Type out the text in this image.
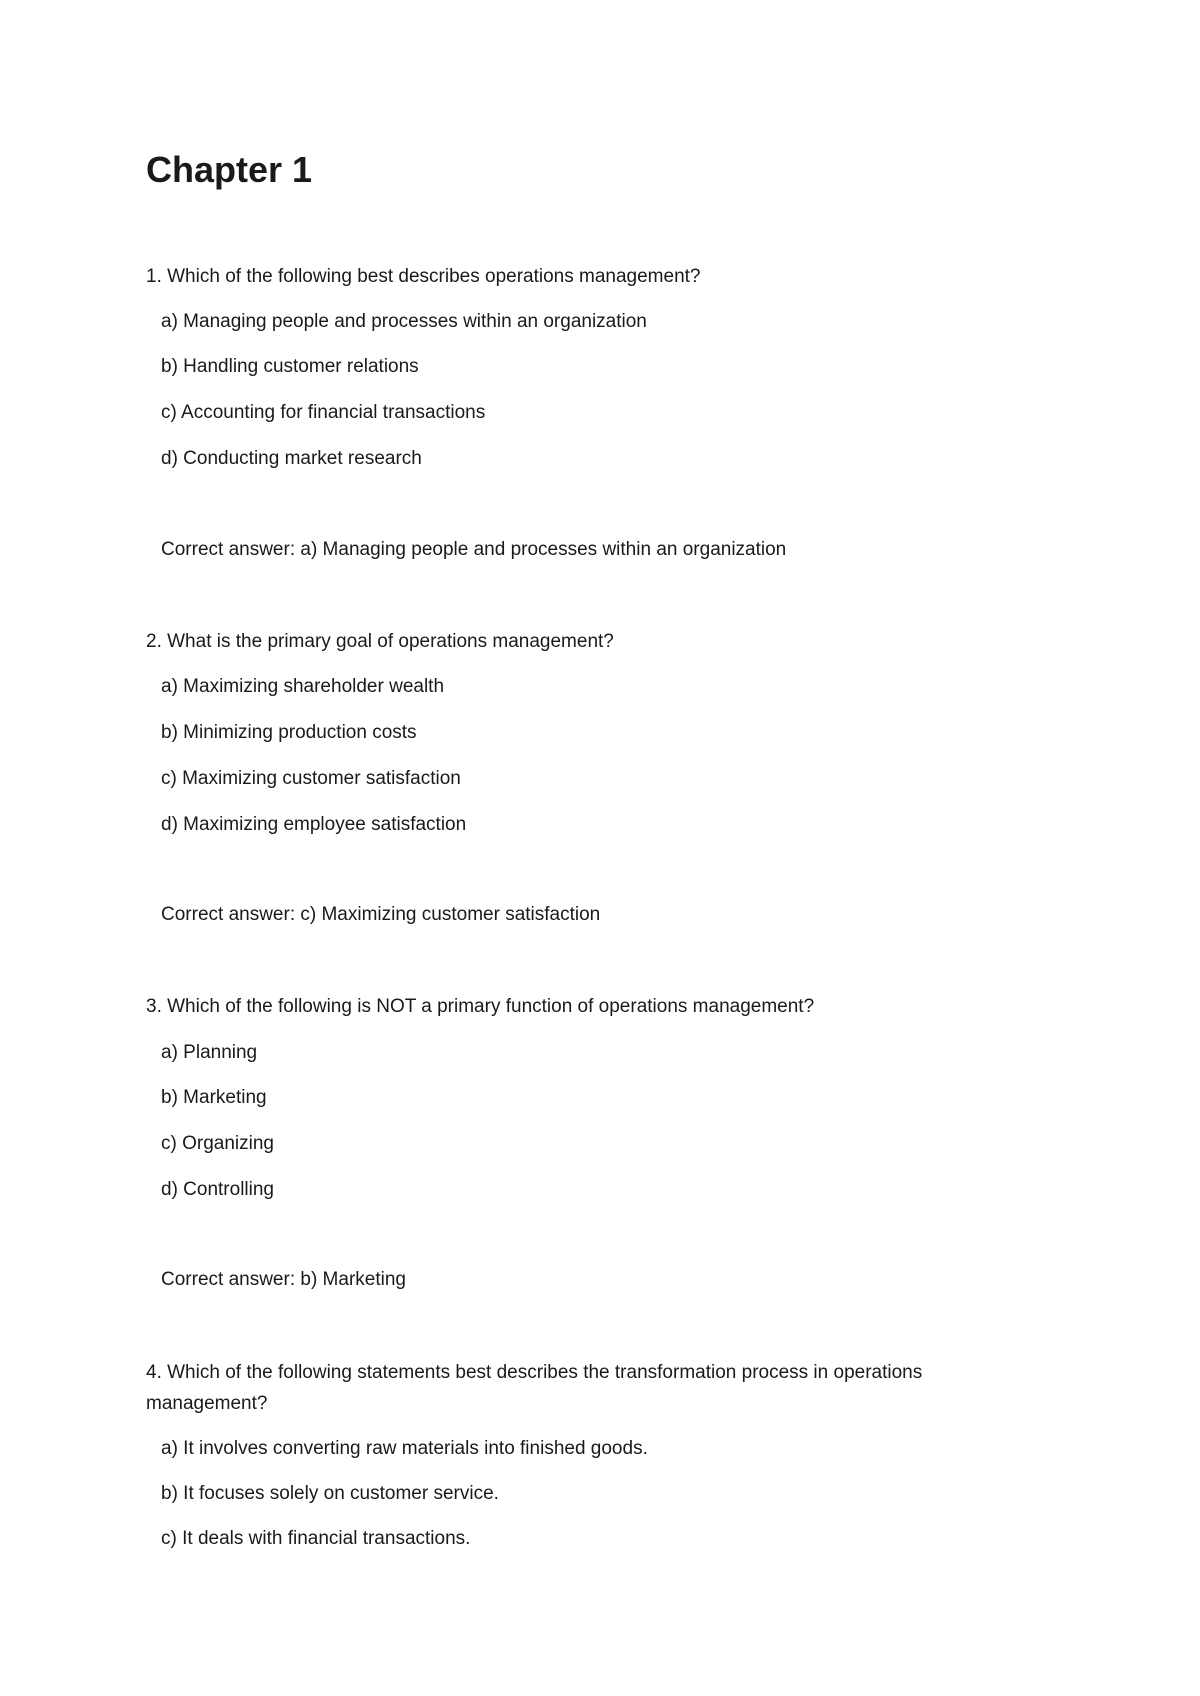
Chapter 1

1. Which of the following best describes operations management?

a) Managing people and processes within an organization

b) Handling customer relations

c) Accounting for financial transactions

d) Conducting market research

Correct answer: a) Managing people and processes within an organization

2. What is the primary goal of operations management?

a) Maximizing shareholder wealth

b) Minimizing production costs

c) Maximizing customer satisfaction

d) Maximizing employee satisfaction

Correct answer: c) Maximizing customer satisfaction

3. Which of the following is NOT a primary function of operations management?

a) Planning

b) Marketing

c) Organizing

d) Controlling

Correct answer: b) Marketing

4. Which of the following statements best describes the transformation process in operations management?

a) It involves converting raw materials into finished goods.

b) It focuses solely on customer service.

c) It deals with financial transactions.
